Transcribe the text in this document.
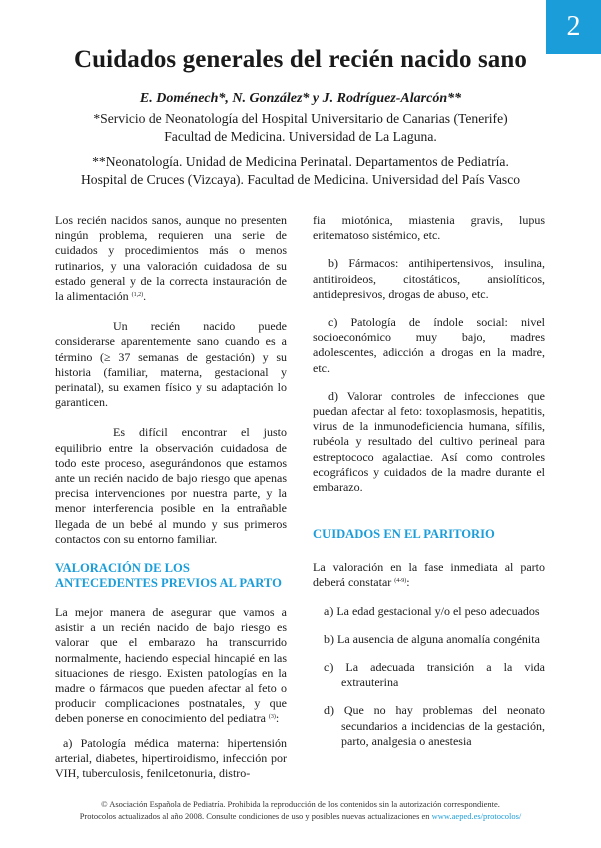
2
Cuidados generales del recién nacido sano
E. Doménech*, N. González* y J. Rodríguez-Alarcón**
*Servicio de Neonatología del Hospital Universitario de Canarias (Tenerife)
Facultad de Medicina. Universidad de La Laguna.
**Neonatología. Unidad de Medicina Perinatal. Departamentos de Pediatría.
Hospital de Cruces (Vizcaya). Facultad de Medicina. Universidad del País Vasco

Los recién nacidos sanos, aunque no presenten ningún problema, requieren una serie de cuidados y procedimientos más o menos rutinarios, y una valoración cuidadosa de su estado general y de la correcta instauración de la alimentación $^{(1,2)}$.

Un recién nacido puede considerarse aparentemente sano cuando es a término (≥ 37 semanas de gestación) y su historia (familiar, materna, gestacional y perinatal), su examen físico y su adaptación lo garanticen.

Es difícil encontrar el justo equilibrio entre la observación cuidadosa de todo este proceso, asegurándonos que estamos ante un recién nacido de bajo riesgo que apenas precisa intervenciones por nuestra parte, y la menor interferencia posible en la entrañable llegada de un bebé al mundo y sus primeros contactos con su entorno familiar.

VALORACIÓN DE LOS ANTECEDENTES PREVIOS AL PARTO

La mejor manera de asegurar que vamos a asistir a un recién nacido de bajo riesgo es valorar que el embarazo ha transcurrido normalmente, haciendo especial hincapié en las situaciones de riesgo. Existen patologías en la madre o fármacos que pueden afectar al feto o producir complicaciones postnatales, y que deben ponerse en conocimiento del pediatra $^{(3)}$:

a) Patología médica materna: hipertensión arterial, diabetes, hipertiroidismo, infección por VIH, tuberculosis, fenilcetonuria, distro-

fia miotónica, miastenia gravis, lupus eritematoso sistémico, etc.

b) Fármacos: antihipertensivos, insulina, antitiroideos, citostáticos, ansiolíticos, antidepresivos, drogas de abuso, etc.

c) Patología de índole social: nivel socioeconómico muy bajo, madres adolescentes, adicción a drogas en la madre, etc.

d) Valorar controles de infecciones que puedan afectar al feto: toxoplasmosis, hepatitis, virus de la inmunodeficiencia humana, sífilis, rubéola y resultado del cultivo perineal para estreptococo agalactiae. Así como controles ecográficos y cuidados de la madre durante el embarazo.

CUIDADOS EN EL PARITORIO

La valoración en la fase inmediata al parto deberá constatar $^{(4-9)}$:

a) La edad gestacional y/o el peso adecuados

b) La ausencia de alguna anomalía congénita

c) La adecuada transición a la vida extrauterina

d) Que no hay problemas del neonato secundarios a incidencias de la gestación, parto, analgesia o anestesia

© Asociación Española de Pediatría. Prohibida la reproducción de los contenidos sin la autorización correspondiente.
Protocolos actualizados al año 2008. Consulte condiciones de uso y posibles nuevas actualizaciones en www.aeped.es/protocolos/
